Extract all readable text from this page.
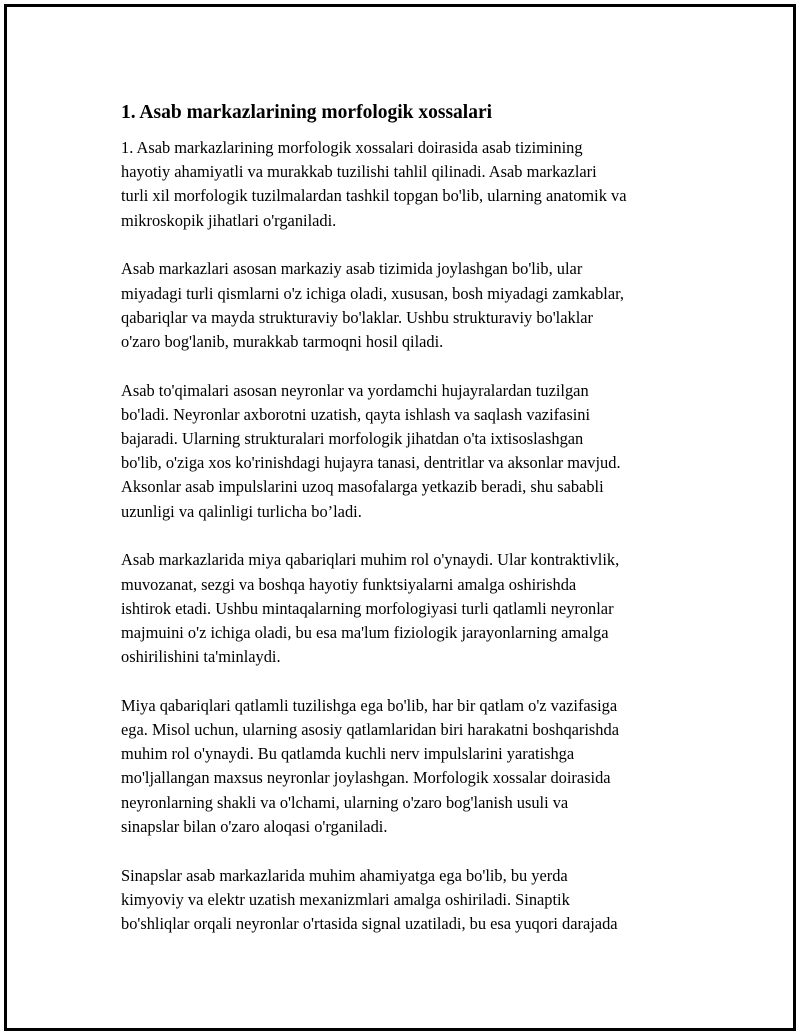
1. Asab markazlarining morfologik xossalari

1. Asab markazlarining morfologik xossalari doirasida asab tizimining
hayotiy ahamiyatli va murakkab tuzilishi tahlil qilinadi. Asab markazlari
turli xil morfologik tuzilmalardan tashkil topgan bo'lib, ularning anatomik va
mikroskopik jihatlari o'rganiladi.

Asab markazlari asosan markaziy asab tizimida joylashgan bo'lib, ular
miyadagi turli qismlarni o'z ichiga oladi, xususan, bosh miyadagi zamkablar,
qabariqlar va mayda strukturaviy bo'laklar. Ushbu strukturaviy bo'laklar
o'zaro bog'lanib, murakkab tarmoqni hosil qiladi.

Asab to'qimalari asosan neyronlar va yordamchi hujayralardan tuzilgan
bo'ladi. Neyronlar axborotni uzatish, qayta ishlash va saqlash vazifasini
bajaradi. Ularning strukturalari morfologik jihatdan o'ta ixtisoslashgan
bo'lib, o'ziga xos ko'rinishdagi hujayra tanasi, dentritlar va aksonlar mavjud.
Aksonlar asab impulslarini uzoq masofalarga yetkazib beradi, shu sababli
uzunligi va qalinligi turlicha bo’ladi.

Asab markazlarida miya qabariqlari muhim rol o'ynaydi. Ular kontraktivlik,
muvozanat, sezgi va boshqa hayotiy funktsiyalarni amalga oshirishda
ishtirok etadi. Ushbu mintaqalarning morfologiyasi turli qatlamli neyronlar
majmuini o'z ichiga oladi, bu esa ma'lum fiziologik jarayonlarning amalga
oshirilishini ta'minlaydi.

Miya qabariqlari qatlamli tuzilishga ega bo'lib, har bir qatlam o'z vazifasiga
ega. Misol uchun, ularning asosiy qatlamlaridan biri harakatni boshqarishda
muhim rol o'ynaydi. Bu qatlamda kuchli nerv impulslarini yaratishga
mo'ljallangan maxsus neyronlar joylashgan. Morfologik xossalar doirasida
neyronlarning shakli va o'lchami, ularning o'zaro bog'lanish usuli va
sinapslar bilan o'zaro aloqasi o'rganiladi.

Sinapslar asab markazlarida muhim ahamiyatga ega bo'lib, bu yerda
kimyoviy va elektr uzatish mexanizmlari amalga oshiriladi. Sinaptik
bo'shliqlar orqali neyronlar o'rtasida signal uzatiladi, bu esa yuqori darajada
